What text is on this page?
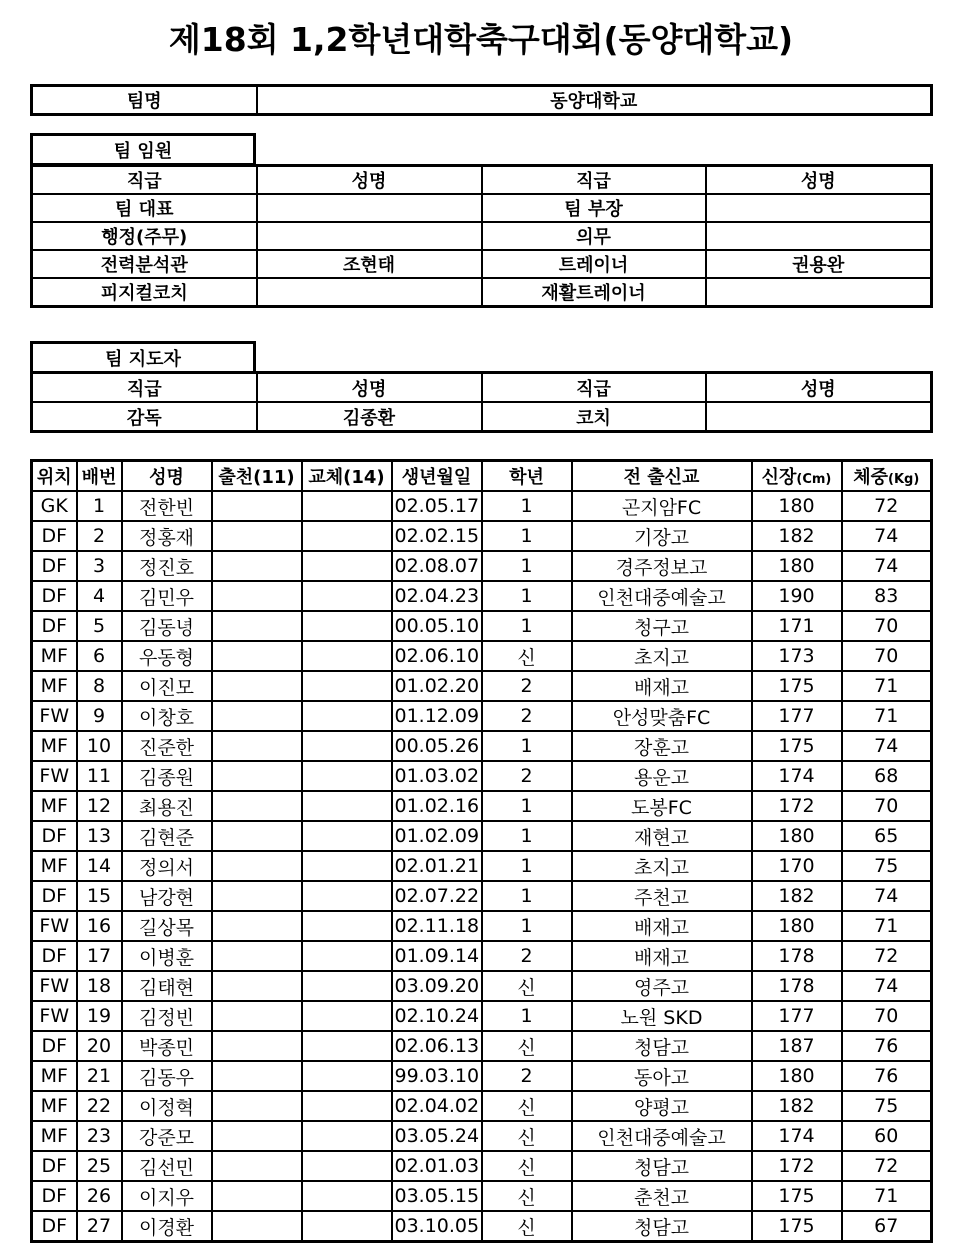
제18회 1,2학년대학축구대회(동양대학교)
팀명	동양대학교
팀 임원
직급	성명	직급	성명
팀 대표		팀 부장	
행정(주무)		의무	
전력분석관	조현태	트레이너	권용완
피지컬코치		재활트레이너	
팀 지도자
직급	성명	직급	성명
감독	김종환	코치	
위치	배번	성명	출천(11)	교체(14)	생년월일	학년	전 출신교	신장(Cm)	체중(Kg)
GK	1	전한빈			02.05.17	1	곤지암FC	180	72
DF	2	정홍재			02.02.15	1	기장고	182	74
DF	3	정진호			02.08.07	1	경주정보고	180	74
DF	4	김민우			02.04.23	1	인천대중예술고	190	83
DF	5	김동녕			00.05.10	1	청구고	171	70
MF	6	우동형			02.06.10	신	초지고	173	70
MF	8	이진모			01.02.20	2	배재고	175	71
FW	9	이창호			01.12.09	2	안성맞춤FC	177	71
MF	10	진준한			00.05.26	1	장훈고	175	74
FW	11	김종원			01.03.02	2	용운고	174	68
MF	12	최용진			01.02.16	1	도봉FC	172	70
DF	13	김현준			01.02.09	1	재현고	180	65
MF	14	정의서			02.01.21	1	초지고	170	75
DF	15	남강현			02.07.22	1	주천고	182	74
FW	16	길상목			02.11.18	1	배재고	180	71
DF	17	이병훈			01.09.14	2	배재고	178	72
FW	18	김태현			03.09.20	신	영주고	178	74
FW	19	김정빈			02.10.24	1	노원 SKD	177	70
DF	20	박종민			02.06.13	신	청담고	187	76
MF	21	김동우			99.03.10	2	동아고	180	76
MF	22	이정혁			02.04.02	신	양평고	182	75
MF	23	강준모			03.05.24	신	인천대중예술고	174	60
DF	25	김선민			02.01.03	신	청담고	172	72
DF	26	이지우			03.05.15	신	춘천고	175	71
DF	27	이경환			03.10.05	신	청담고	175	67
